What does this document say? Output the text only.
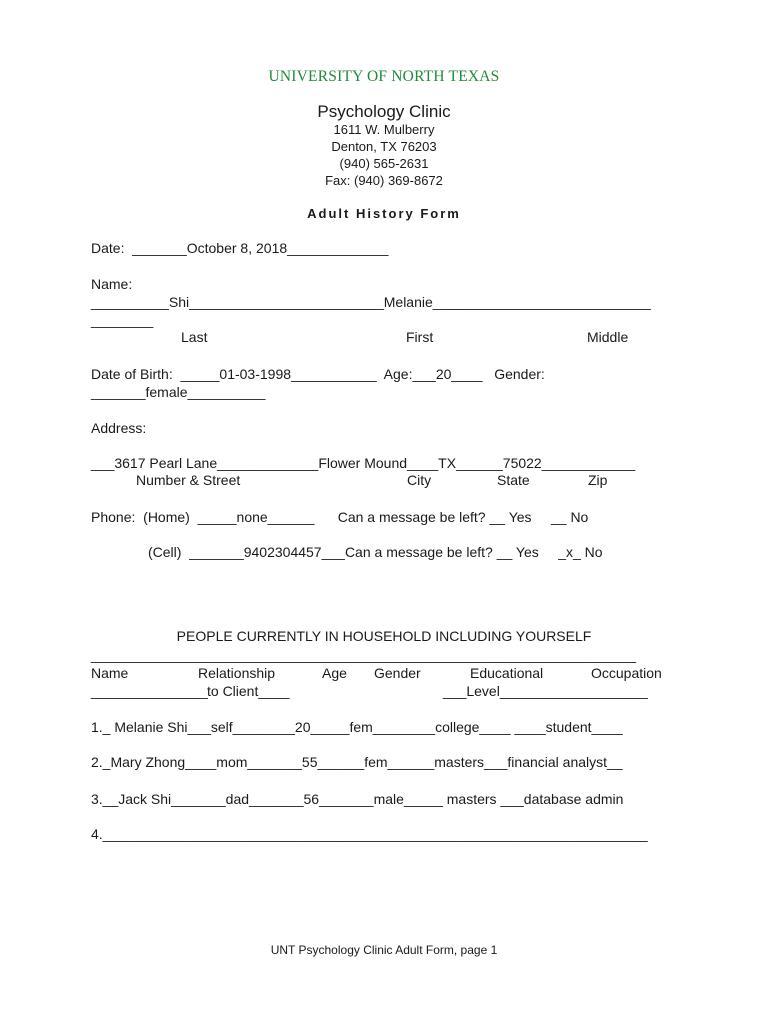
UNIVERSITY OF NORTH TEXAS
Psychology Clinic
1611 W. Mulberry
Denton, TX 76203
(940) 565-2631
Fax: (940) 369-8672
Adult History Form
Date:  _______October 8, 2018_____________
Name:
__________Shi_________________________Melanie____________________________
________
Last	First	Middle
Date of Birth:  _____01-03-1998___________  Age:___20____   Gender:
_______female__________
Address:
___3617 Pearl Lane_____________Flower Mound____TX______75022____________
Number & Street	City	State	Zip
Phone:  (Home)  _____none______      Can a message be left? __ Yes     __ No
(Cell)  _______9402304457___Can a message be left? __ Yes     _x_ No
PEOPLE CURRENTLY IN HOUSEHOLD INCLUDING YOURSELF
______________________________________________________________________
Name	Relationship	Age Gender	Educational	Occupation
_______________ to Client____	___Level___________________
1._ Melanie Shi___self________20_____fem________college____ ____student____
2._Mary Zhong____mom_______55______fem______masters___financial analyst__
3.__Jack Shi_______dad_______56_______male_____ masters ___database admin
4.______________________________________________________________________
UNT Psychology Clinic Adult Form, page 1
